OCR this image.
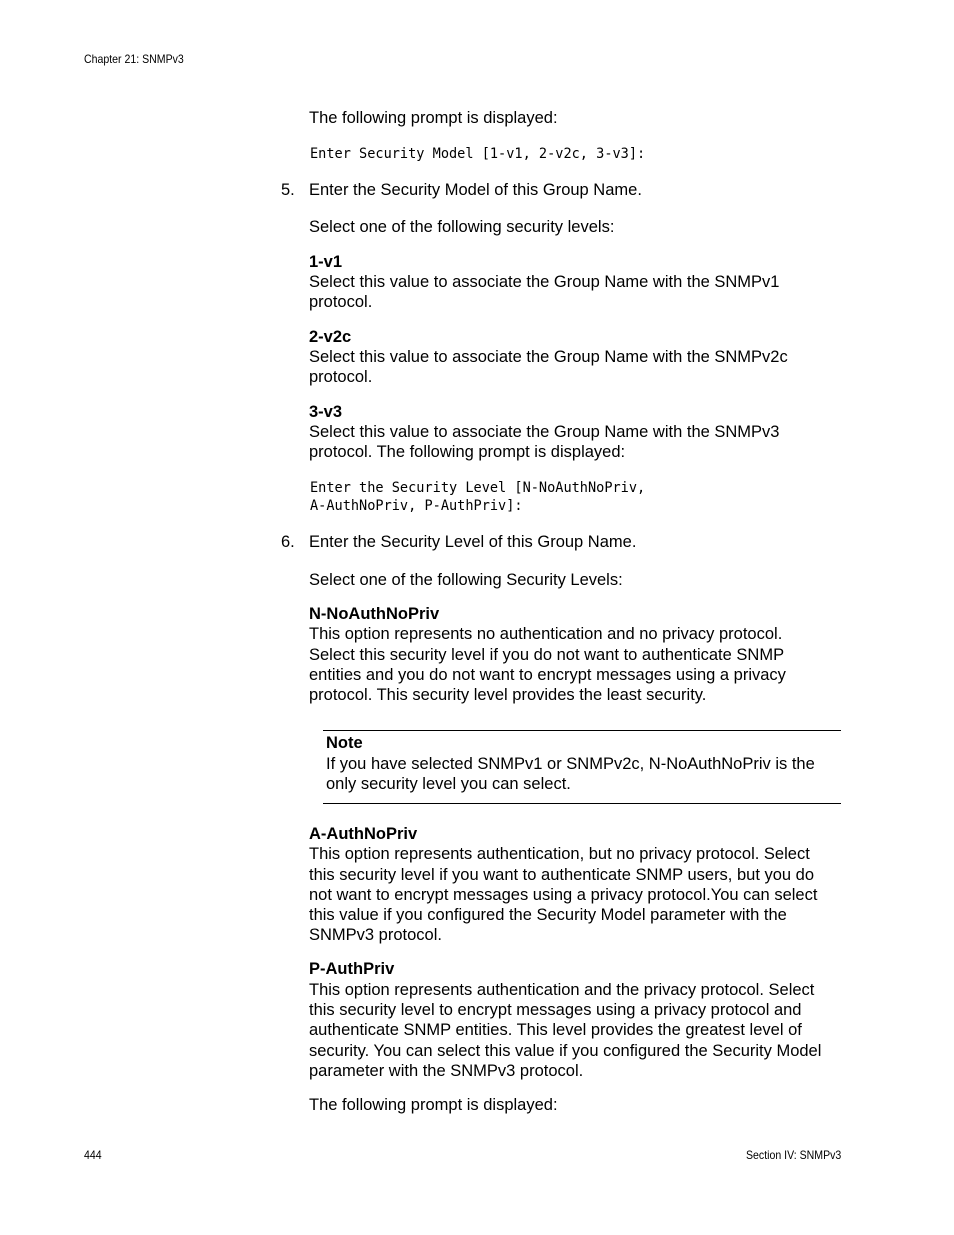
Chapter 21: SNMPv3
The following prompt is displayed:
Enter Security Model [1-v1, 2-v2c, 3-v3]:
5. Enter the Security Model of this Group Name.
Select one of the following security levels:
1-v1
Select this value to associate the Group Name with the SNMPv1
protocol.
2-v2c
Select this value to associate the Group Name with the SNMPv2c
protocol.
3-v3
Select this value to associate the Group Name with the SNMPv3
protocol. The following prompt is displayed:
Enter the Security Level [N-NoAuthNoPriv,
A-AuthNoPriv, P-AuthPriv]:
6. Enter the Security Level of this Group Name.
Select one of the following Security Levels:
N-NoAuthNoPriv
This option represents no authentication and no privacy protocol.
Select this security level if you do not want to authenticate SNMP
entities and you do not want to encrypt messages using a privacy
protocol. This security level provides the least security.
Note
If you have selected SNMPv1 or SNMPv2c, N-NoAuthNoPriv is the
only security level you can select.
A-AuthNoPriv
This option represents authentication, but no privacy protocol. Select
this security level if you want to authenticate SNMP users, but you do
not want to encrypt messages using a privacy protocol.You can select
this value if you configured the Security Model parameter with the
SNMPv3 protocol.
P-AuthPriv
This option represents authentication and the privacy protocol. Select
this security level to encrypt messages using a privacy protocol and
authenticate SNMP entities. This level provides the greatest level of
security. You can select this value if you configured the Security Model
parameter with the SNMPv3 protocol.
The following prompt is displayed:
444	Section IV: SNMPv3
